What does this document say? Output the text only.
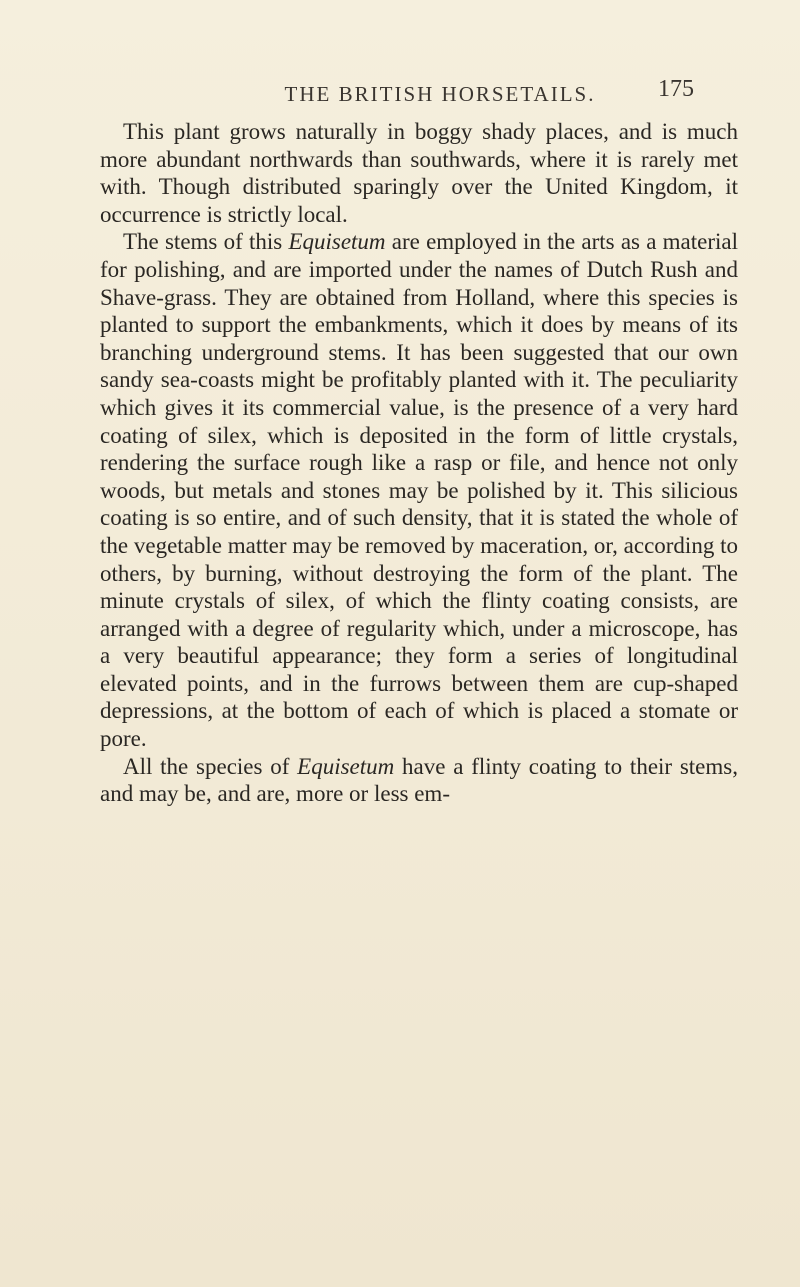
THE BRITISH HORSETAILS.	175

This plant grows naturally in boggy shady places, and is much more abundant northwards than southwards, where it is rarely met with. Though distributed sparingly over the United Kingdom, it occurrence is strictly local.

The stems of this Equisetum are employed in the arts as a material for polishing, and are imported under the names of Dutch Rush and Shave-grass. They are obtained from Holland, where this species is planted to support the embankments, which it does by means of its branching underground stems. It has been suggested that our own sandy sea-coasts might be profitably planted with it. The peculiarity which gives it its commercial value, is the presence of a very hard coating of silex, which is deposited in the form of little crystals, rendering the surface rough like a rasp or file, and hence not only woods, but metals and stones may be polished by it. This silicious coating is so entire, and of such density, that it is stated the whole of the vegetable matter may be removed by maceration, or, according to others, by burning, without destroying the form of the plant. The minute crystals of silex, of which the flinty coating consists, are arranged with a degree of regularity which, under a microscope, has a very beautiful appearance; they form a series of longitudinal elevated points, and in the furrows between them are cup-shaped depressions, at the bottom of each of which is placed a stomate or pore.

All the species of Equisetum have a flinty coating to their stems, and may be, and are, more or less em-
